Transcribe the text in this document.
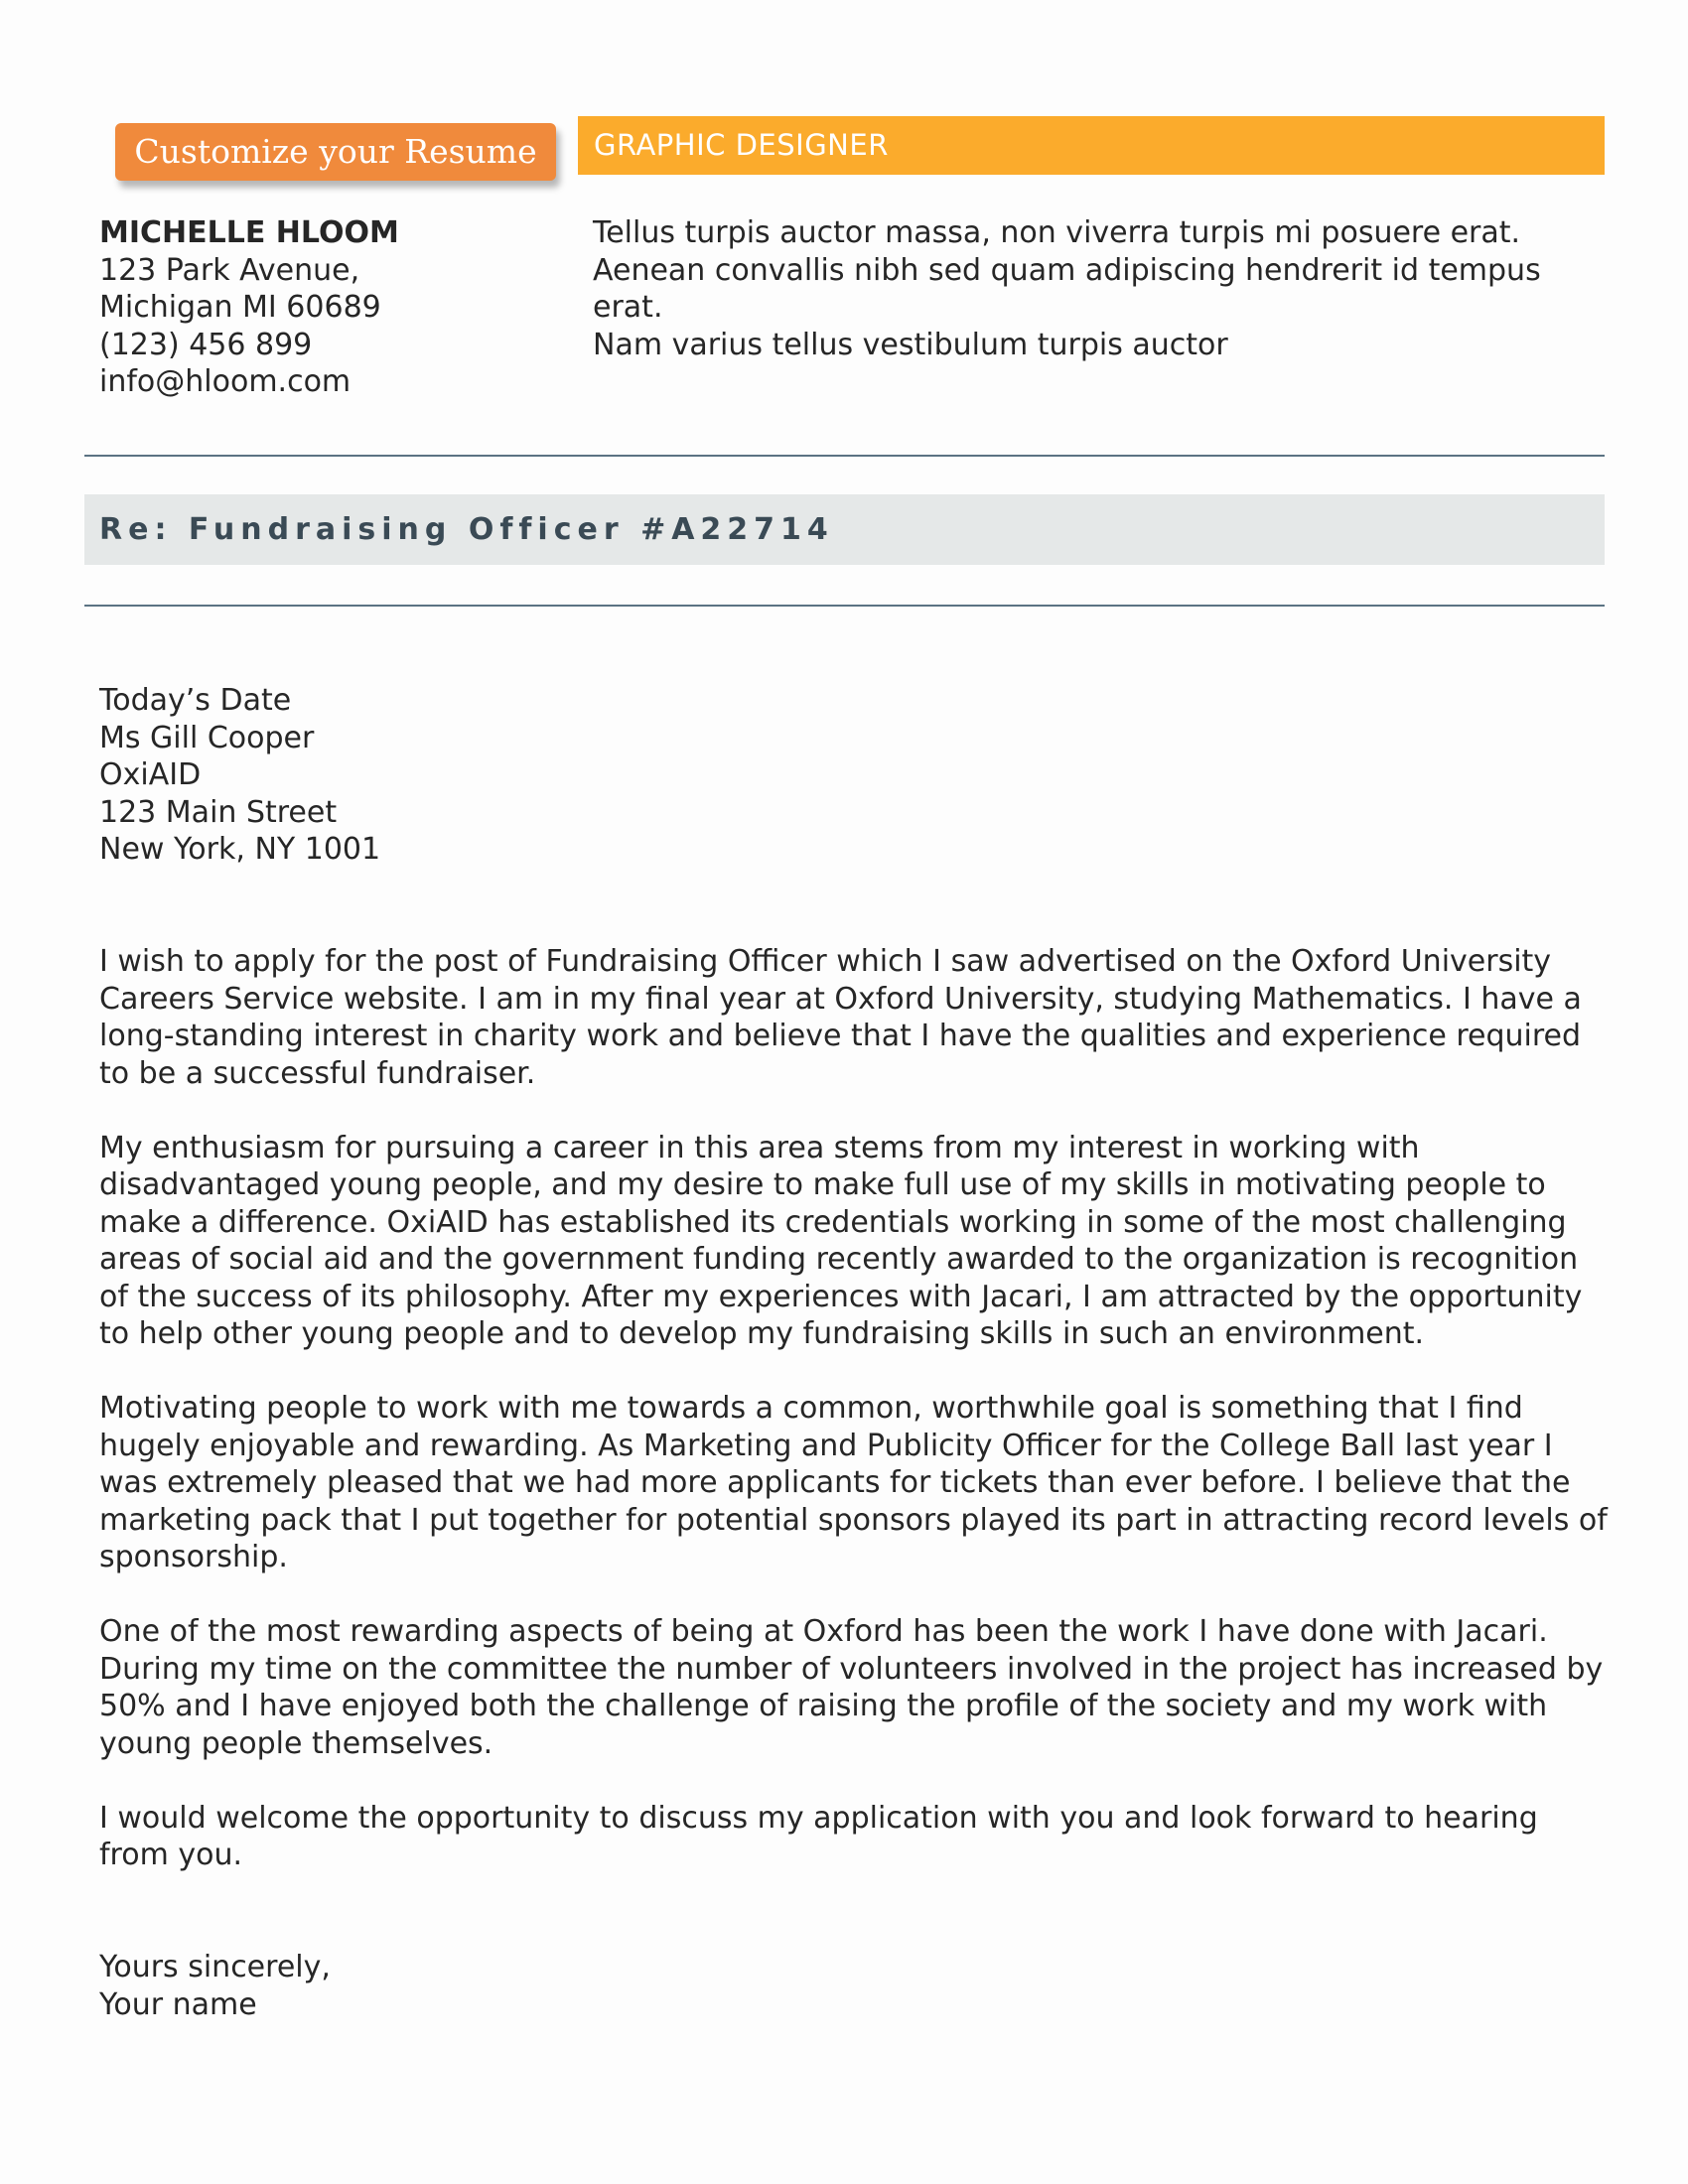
Customize your Resume	GRAPHIC DESIGNER
MICHELLE HLOOM
123 Park Avenue,
Michigan MI 60689
(123) 456 899
info@hloom.com
Tellus turpis auctor massa, non viverra turpis mi posuere erat.
Aenean convallis nibh sed quam adipiscing hendrerit id tempus erat.
Nam varius tellus vestibulum turpis auctor
Re: Fundraising Officer #A22714
Today’s Date
Ms Gill Cooper
OxiAID
123 Main Street
New York, NY 1001

I wish to apply for the post of Fundraising Officer which I saw advertised on the Oxford University Careers Service website. I am in my final year at Oxford University, studying Mathematics. I have a long-standing interest in charity work and believe that I have the qualities and experience required to be a successful fundraiser.

My enthusiasm for pursuing a career in this area stems from my interest in working with disadvantaged young people, and my desire to make full use of my skills in motivating people to make a difference. OxiAID has established its credentials working in some of the most challenging areas of social aid and the government funding recently awarded to the organization is recognition of the success of its philosophy. After my experiences with Jacari, I am attracted by the opportunity to help other young people and to develop my fundraising skills in such an environment.

Motivating people to work with me towards a common, worthwhile goal is something that I find hugely enjoyable and rewarding. As Marketing and Publicity Officer for the College Ball last year I was extremely pleased that we had more applicants for tickets than ever before. I believe that the marketing pack that I put together for potential sponsors played its part in attracting record levels of sponsorship.

One of the most rewarding aspects of being at Oxford has been the work I have done with Jacari. During my time on the committee the number of volunteers involved in the project has increased by 50% and I have enjoyed both the challenge of raising the profile of the society and my work with young people themselves.

I would welcome the opportunity to discuss my application with you and look forward to hearing from you.

Yours sincerely,
Your name
